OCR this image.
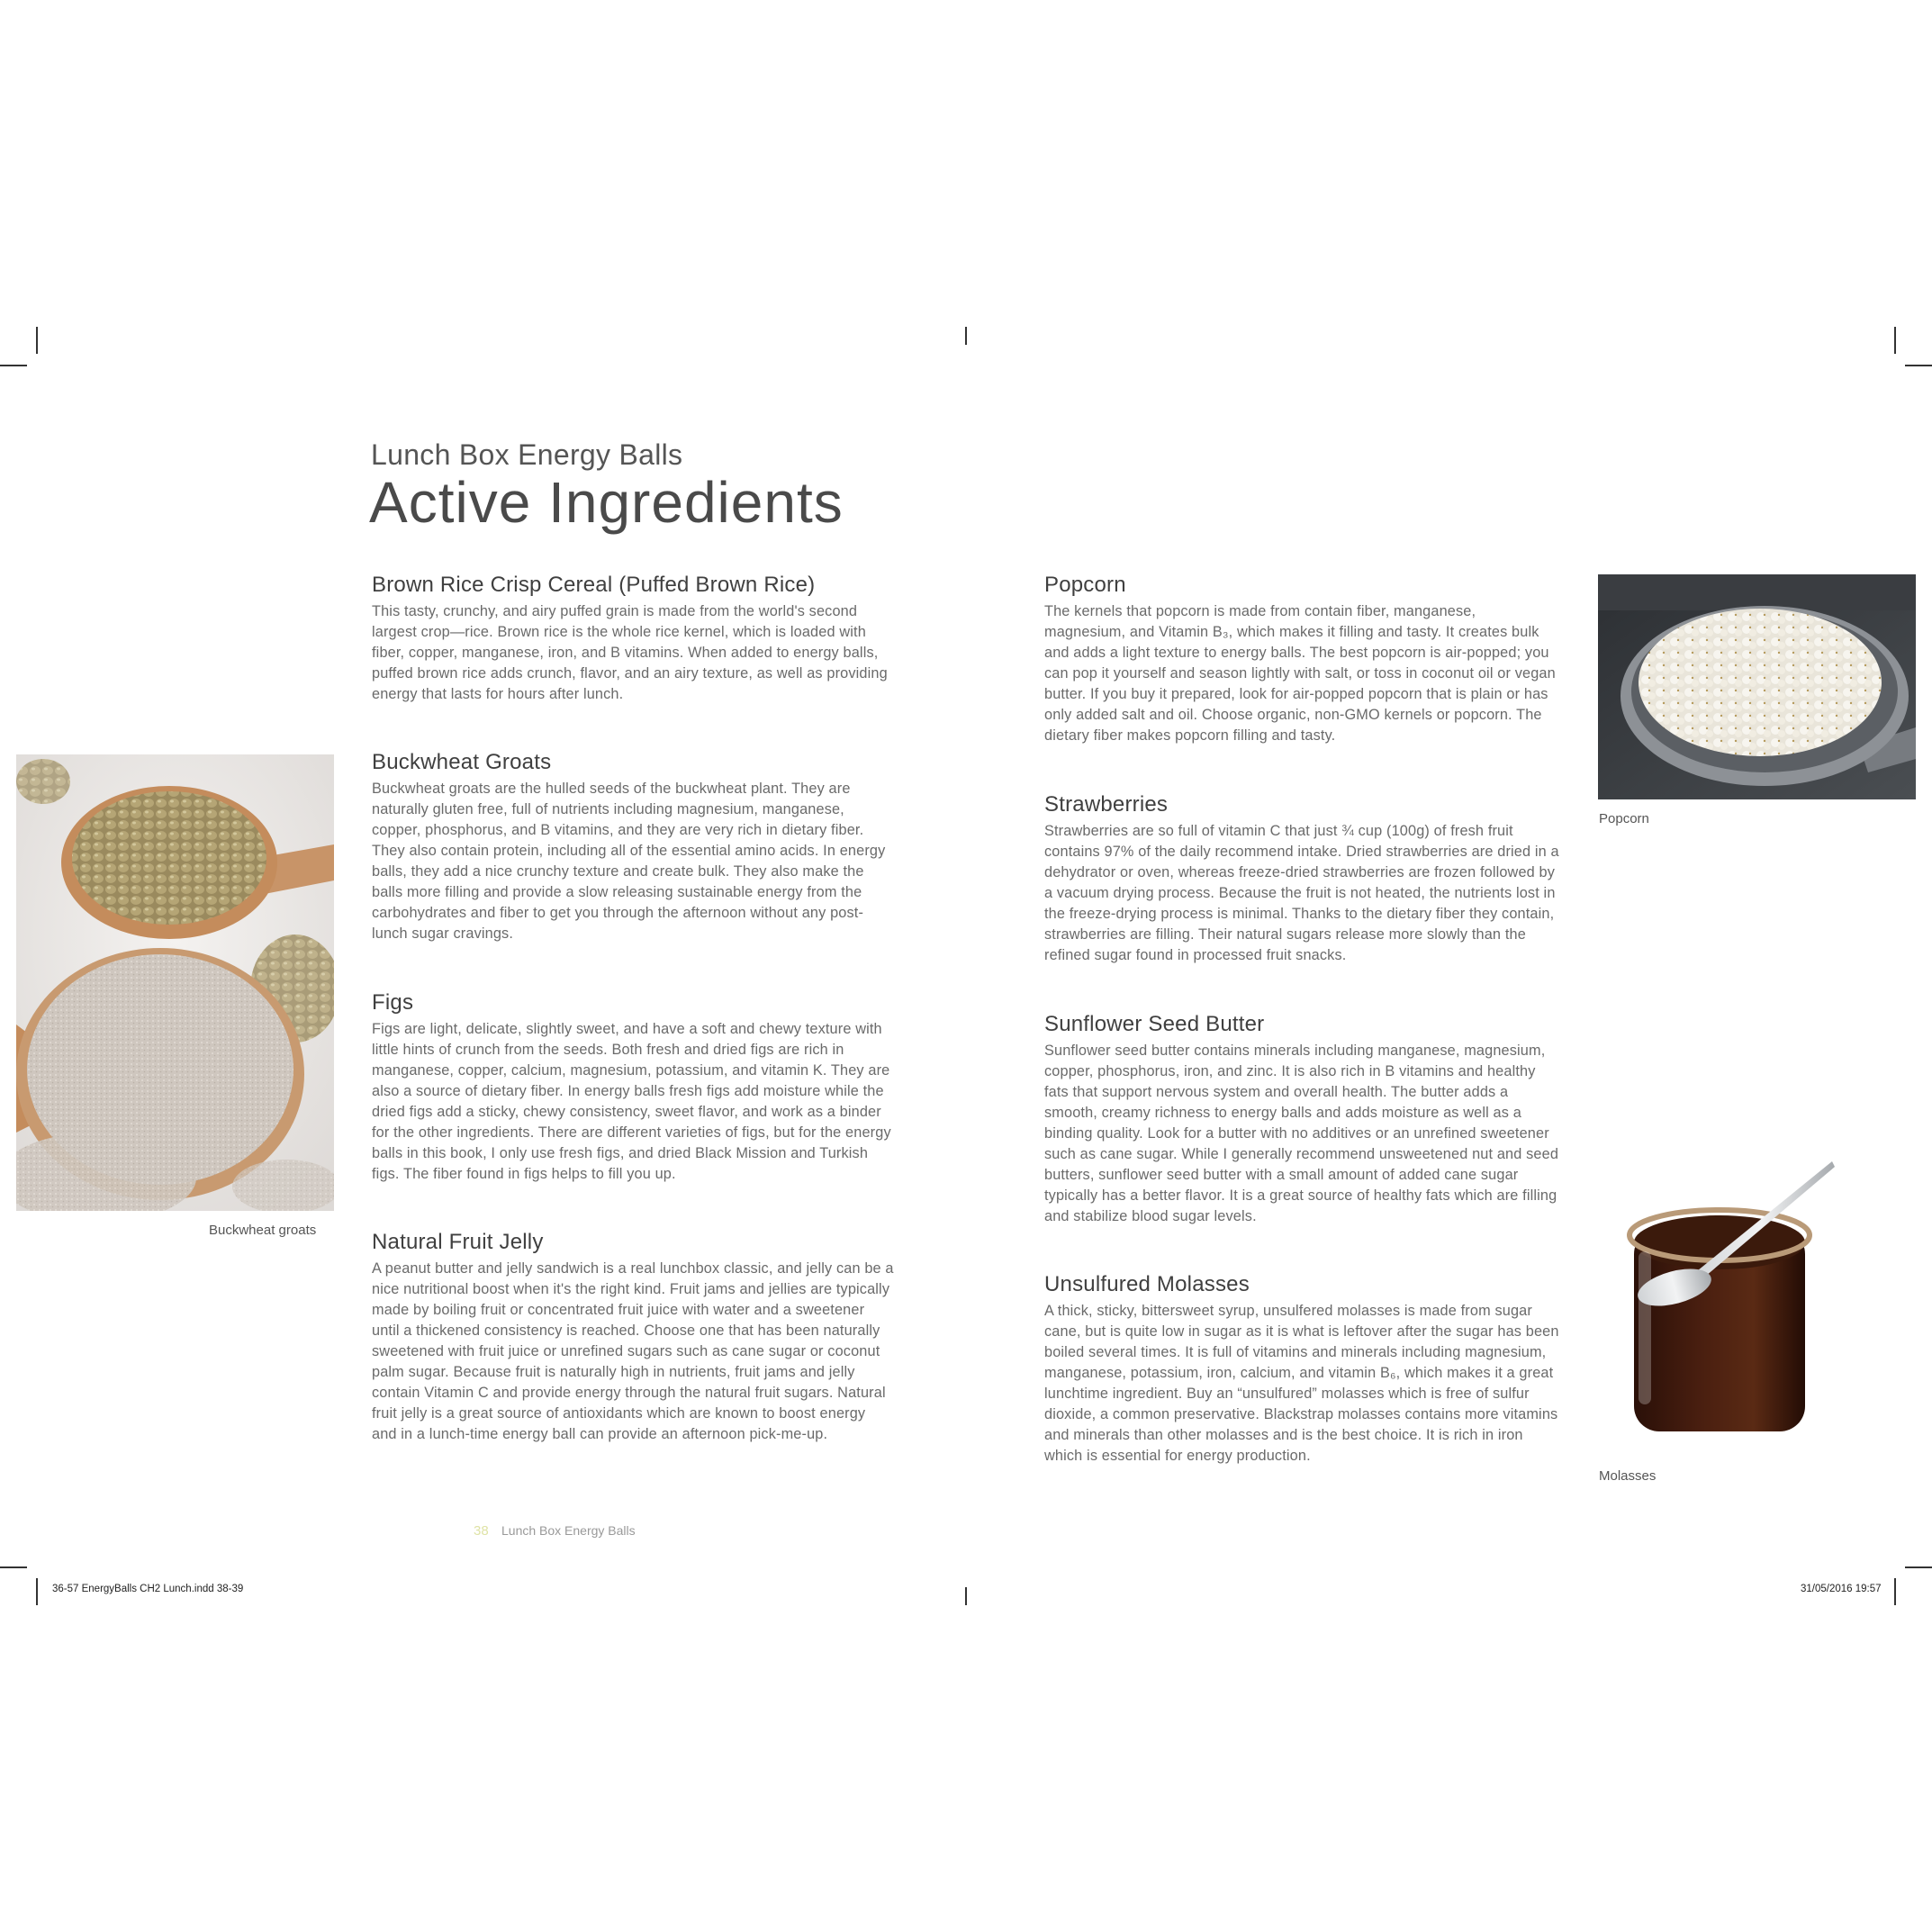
Lunch Box Energy Balls
Active Ingredients
Brown Rice Crisp Cereal (Puffed Brown Rice)

This tasty, crunchy, and airy puffed grain is made from the world's second largest crop—rice. Brown rice is the whole rice kernel, which is loaded with fiber, copper, manganese, iron, and B vitamins. When added to energy balls, puffed brown rice adds crunch, flavor, and an airy texture, as well as providing energy that lasts for hours after lunch.

Buckwheat Groats

Buckwheat groats are the hulled seeds of the buckwheat plant. They are naturally gluten free, full of nutrients including magnesium, manganese, copper, phosphorus, and B vitamins, and they are very rich in dietary fiber. They also contain protein, including all of the essential amino acids. In energy balls, they add a nice crunchy texture and create bulk. They also make the balls more filling and provide a slow releasing sustainable energy from the carbohydrates and fiber to get you through the afternoon without any post-lunch sugar cravings.

Figs

Figs are light, delicate, slightly sweet, and have a soft and chewy texture with little hints of crunch from the seeds. Both fresh and dried figs are rich in manganese, copper, calcium, magnesium, potassium, and vitamin K. They are also a source of dietary fiber. In energy balls fresh figs add moisture while the dried figs add a sticky, chewy consistency, sweet flavor, and work as a binder for the other ingredients. There are different varieties of figs, but for the energy balls in this book, I only use fresh figs, and dried Black Mission and Turkish figs. The fiber found in figs helps to fill you up.

Natural Fruit Jelly

A peanut butter and jelly sandwich is a real lunchbox classic, and jelly can be a nice nutritional boost when it's the right kind. Fruit jams and jellies are typically made by boiling fruit or concentrated fruit juice with water and a sweetener until a thickened consistency is reached. Choose one that has been naturally sweetened with fruit juice or unrefined sugars such as cane sugar or coconut palm sugar. Because fruit is naturally high in nutrients, fruit jams and jelly contain Vitamin C and provide energy through the natural fruit sugars. Natural fruit jelly is a great source of antioxidants which are known to boost energy and in a lunch-time energy ball can provide an afternoon pick-me-up.

Popcorn

The kernels that popcorn is made from contain fiber, manganese, magnesium, and Vitamin B₃, which makes it filling and tasty. It creates bulk and adds a light texture to energy balls. The best popcorn is air-popped; you can pop it yourself and season lightly with salt, or toss in coconut oil or vegan butter. If you buy it prepared, look for air-popped popcorn that is plain or has only added salt and oil. Choose organic, non-GMO kernels or popcorn. The dietary fiber makes popcorn filling and tasty.

Strawberries

Strawberries are so full of vitamin C that just ¾ cup (100g) of fresh fruit contains 97% of the daily recommend intake. Dried strawberries are dried in a dehydrator or oven, whereas freeze-dried strawberries are frozen followed by a vacuum drying process. Because the fruit is not heated, the nutrients lost in the freeze-drying process is minimal. Thanks to the dietary fiber they contain, strawberries are filling. Their natural sugars release more slowly than the refined sugar found in processed fruit snacks.

Sunflower Seed Butter

Sunflower seed butter contains minerals including manganese, magnesium, copper, phosphorus, iron, and zinc. It is also rich in B vitamins and healthy fats that support nervous system and overall health. The butter adds a smooth, creamy richness to energy balls and adds moisture as well as a binding quality. Look for a butter with no additives or an unrefined sweetener such as cane sugar. While I generally recommend unsweetened nut and seed butters, sunflower seed butter with a small amount of added cane sugar typically has a better flavor. It is a great source of healthy fats which are filling and stabilize blood sugar levels.

Unsulfured Molasses

A thick, sticky, bittersweet syrup, unsulfered molasses is made from sugar cane, but is quite low in sugar as it is what is leftover after the sugar has been boiled several times. It is full of vitamins and minerals including magnesium, manganese, potassium, iron, calcium, and vitamin B₆, which makes it a great lunchtime ingredient. Buy an “unsulfured” molasses which is free of sulfur dioxide, a common preservative. Blackstrap molasses contains more vitamins and minerals than other molasses and is the best choice. It is rich in iron which is essential for energy production.

Buckwheat groats
Popcorn
Molasses
38 Lunch Box Energy Balls
36-57 EnergyBalls CH2 Lunch.indd 38-39	31/05/2016 19:57
